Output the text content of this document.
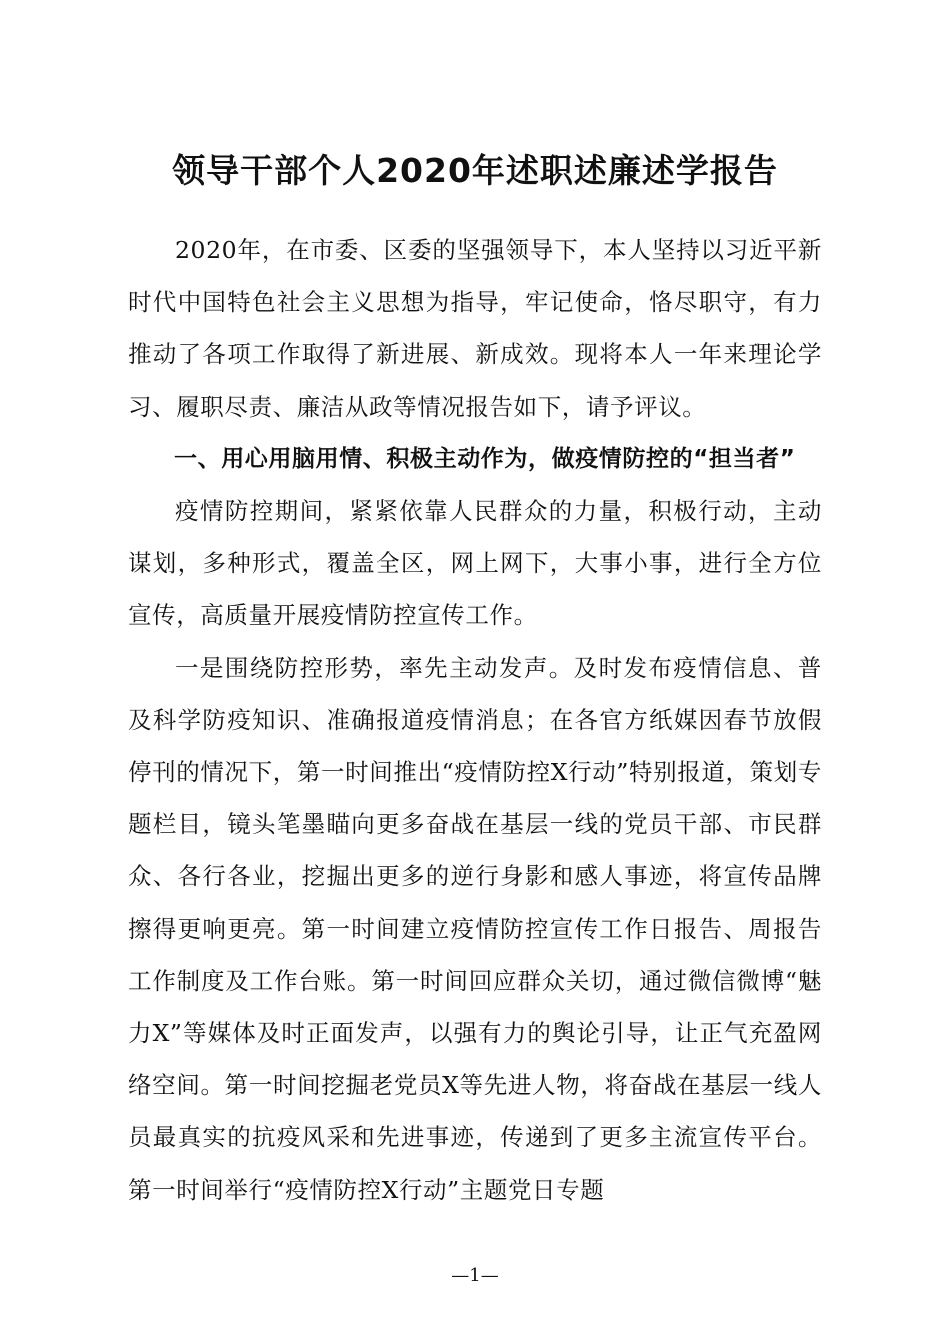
领导干部个人2020年述职述廉述学报告

2020年，在市委、区委的坚强领导下，本人坚持以习近平新时代中国特色社会主义思想为指导，牢记使命，恪尽职守，有力推动了各项工作取得了新进展、新成效。现将本人一年来理论学习、履职尽责、廉洁从政等情况报告如下，请予评议。

一、用心用脑用情、积极主动作为，做疫情防控的“担当者”

疫情防控期间，紧紧依靠人民群众的力量，积极行动，主动谋划，多种形式，覆盖全区，网上网下，大事小事，进行全方位宣传，高质量开展疫情防控宣传工作。

一是围绕防控形势，率先主动发声。及时发布疫情信息、普及科学防疫知识、准确报道疫情消息；在各官方纸媒因春节放假停刊的情况下，第一时间推出“疫情防控X行动”特别报道，策划专题栏目，镜头笔墨瞄向更多奋战在基层一线的党员干部、市民群众、各行各业，挖掘出更多的逆行身影和感人事迹，将宣传品牌擦得更响更亮。第一时间建立疫情防控宣传工作日报告、周报告工作制度及工作台账。第一时间回应群众关切，通过微信微博“魅力X”等媒体及时正面发声，以强有力的舆论引导，让正气充盈网络空间。第一时间挖掘老党员X等先进人物，将奋战在基层一线人员最真实的抗疫风采和先进事迹，传递到了更多主流宣传平台。第一时间举行“疫情防控X行动”主题党日专题

—1—
